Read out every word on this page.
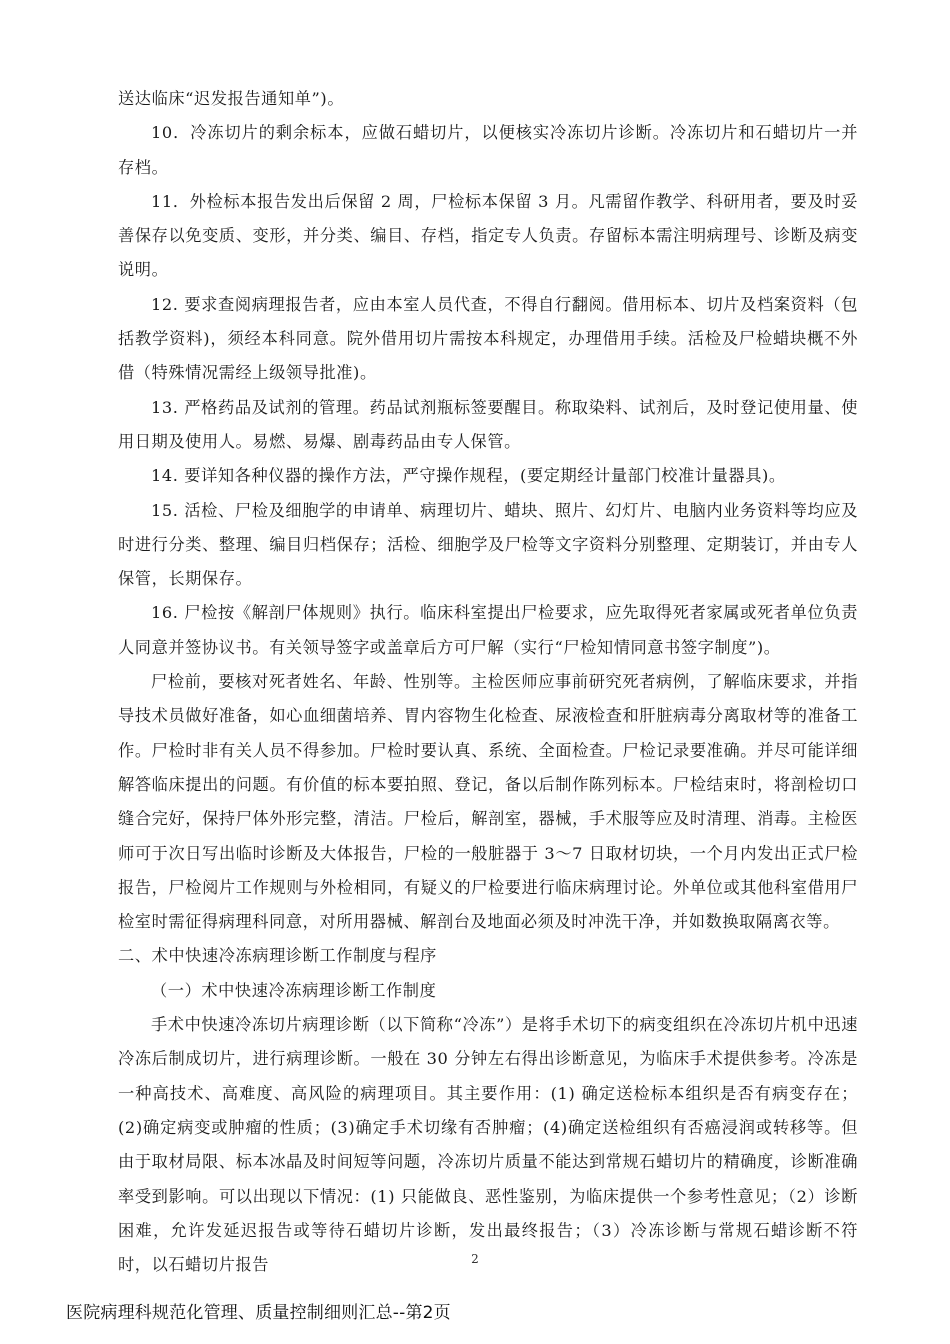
送达临床“迟发报告通知单”)。

10．冷冻切片的剩余标本，应做石蜡切片，以便核实冷冻切片诊断。冷冻切片和石蜡切片一并存档。

11．外检标本报告发出后保留 2 周，尸检标本保留 3 月。凡需留作教学、科研用者，要及时妥善保存以免变质、变形，并分类、编目、存档，指定专人负责。存留标本需注明病理号、诊断及病变说明。

12. 要求查阅病理报告者，应由本室人员代查，不得自行翻阅。借用标本、切片及档案资料（包括教学资料)，须经本科同意。院外借用切片需按本科规定，办理借用手续。活检及尸检蜡块概不外借（特殊情况需经上级领导批准)。

13. 严格药品及试剂的管理。药品试剂瓶标签要醒目。称取染料、试剂后，及时登记使用量、使用日期及使用人。易燃、易爆、剧毒药品由专人保管。

14. 要详知各种仪器的操作方法，严守操作规程，(要定期经计量部门校准计量器具)。

15. 活检、尸检及细胞学的申请单、病理切片、蜡块、照片、幻灯片、电脑内业务资料等均应及时进行分类、整理、编目归档保存；活检、细胞学及尸检等文字资料分别整理、定期装订，并由专人保管，长期保存。

16. 尸检按《解剖尸体规则》执行。临床科室提出尸检要求，应先取得死者家属或死者单位负责人同意并签协议书。有关领导签字或盖章后方可尸解（实行“尸检知情同意书签字制度”)。

尸检前，要核对死者姓名、年龄、性别等。主检医师应事前研究死者病例，了解临床要求，并指导技术员做好准备，如心血细菌培养、胃内容物生化检查、尿液检查和肝脏病毒分离取材等的准备工作。尸检时非有关人员不得参加。尸检时要认真、系统、全面检查。尸检记录要准确。并尽可能详细解答临床提出的问题。有价值的标本要拍照、登记，备以后制作陈列标本。尸检结束时，将剖检切口缝合完好，保持尸体外形完整，清洁。尸检后，解剖室，器械，手术服等应及时清理、消毒。主检医师可于次日写出临时诊断及大体报告，尸检的一般脏器于 3～7 日取材切块，一个月内发出正式尸检报告，尸检阅片工作规则与外检相同，有疑义的尸检要进行临床病理讨论。外单位或其他科室借用尸检室时需征得病理科同意，对所用器械、解剖台及地面必须及时冲洗干净，并如数换取隔离衣等。

二、术中快速冷冻病理诊断工作制度与程序

（一）术中快速冷冻病理诊断工作制度

手术中快速冷冻切片病理诊断（以下简称“冷冻”）是将手术切下的病变组织在冷冻切片机中迅速冷冻后制成切片，进行病理诊断。一般在 30 分钟左右得出诊断意见，为临床手术提供参考。冷冻是一种高技术、高难度、高风险的病理项目。其主要作用：(1) 确定送检标本组织是否有病变存在；(2)确定病变或肿瘤的性质；(3)确定手术切缘有否肿瘤；(4)确定送检组织有否癌浸润或转移等。但由于取材局限、标本冰晶及时间短等问题，冷冻切片质量不能达到常规石蜡切片的精确度，诊断准确率受到影响。可以出现以下情况：(1) 只能做良、恶性鉴别，为临床提供一个参考性意见；（2）诊断困难，允许发延迟报告或等待石蜡切片诊断，发出最终报告；（3）冷冻诊断与常规石蜡诊断不符时，以石蜡切片报告	2
医院病理科规范化管理、质量控制细则汇总--第2页
